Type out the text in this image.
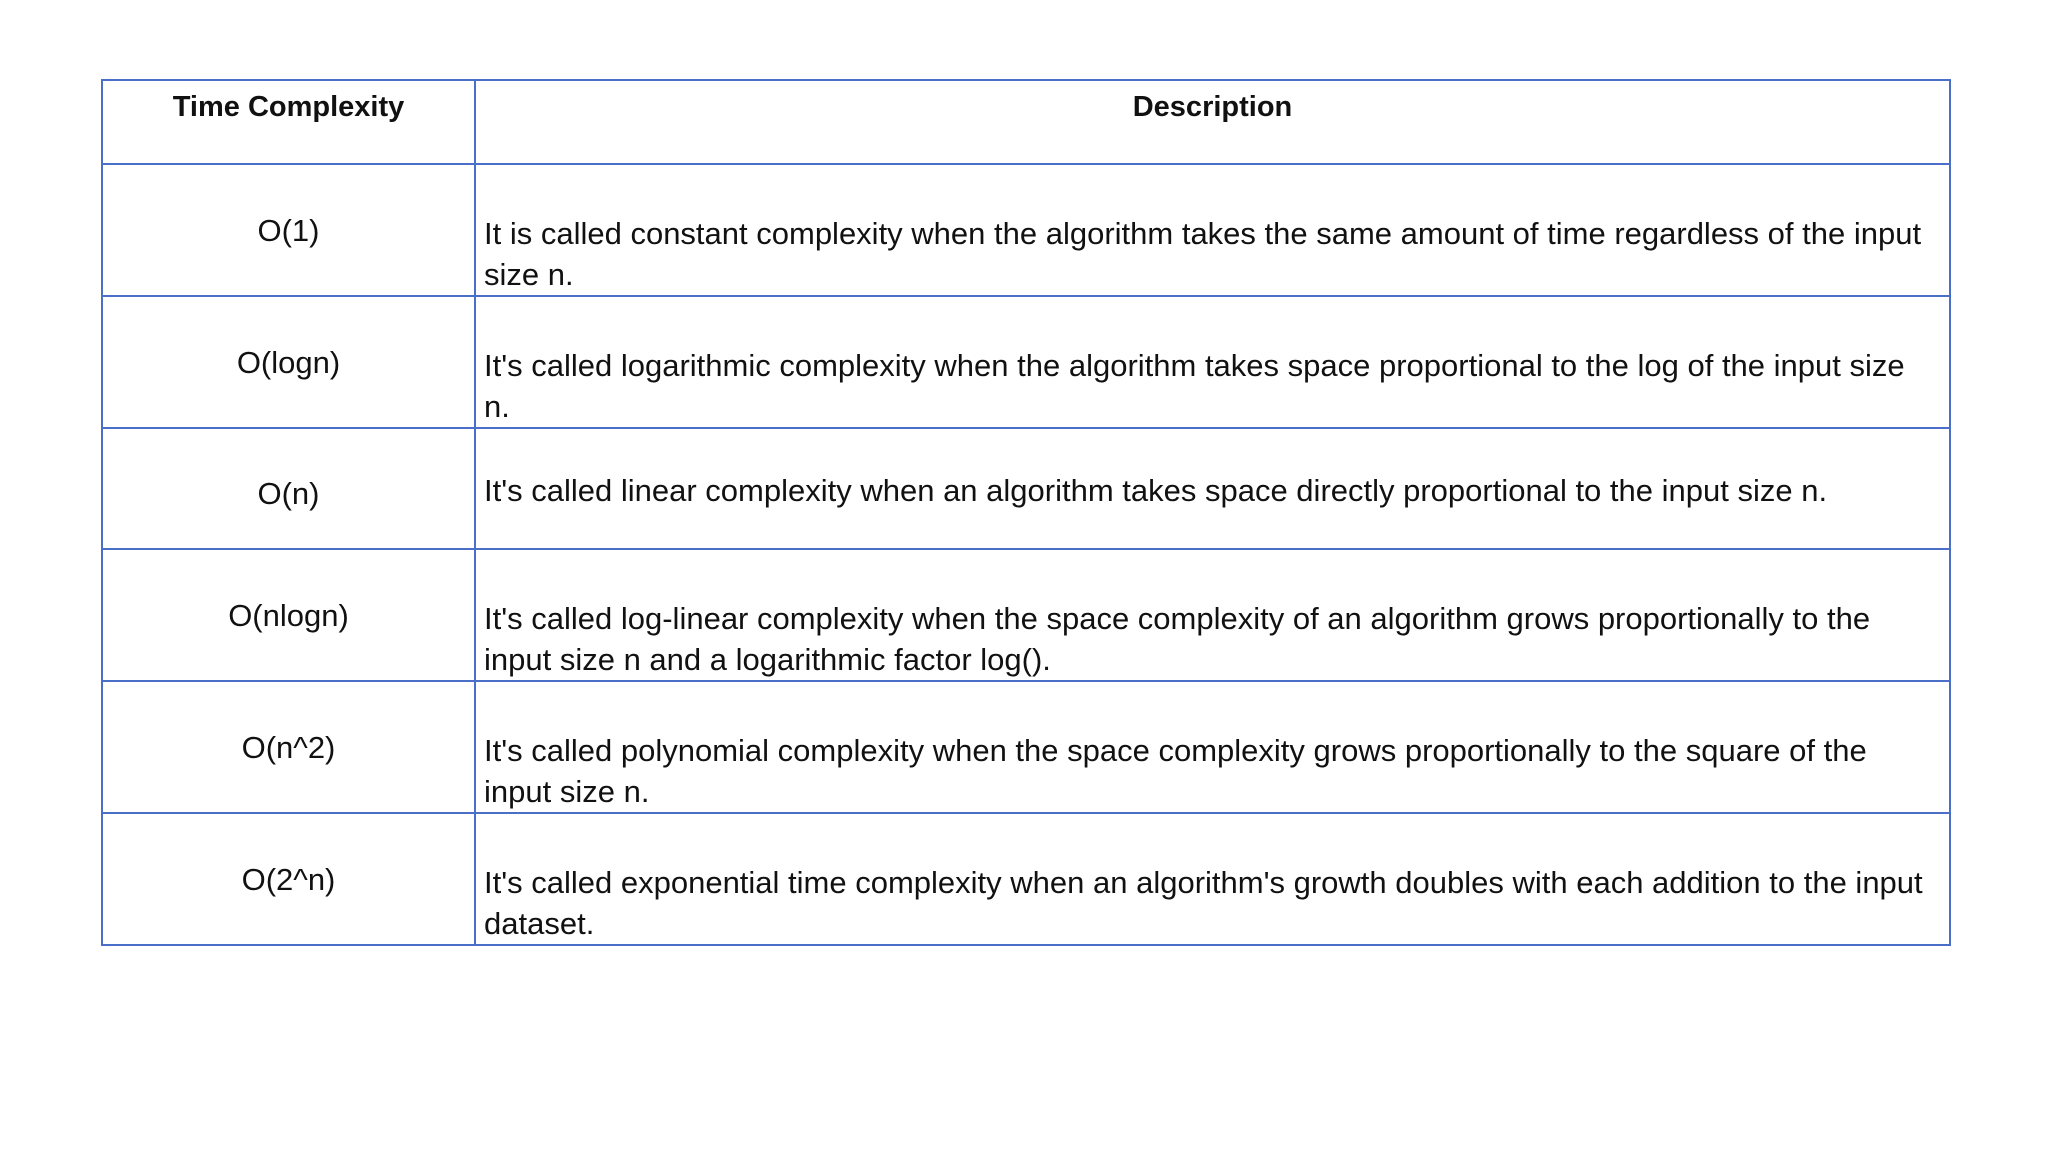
Time Complexity	Description
O(1)	It is called constant complexity when the algorithm takes the same amount of time regardless of the input size n.
O(logn)	It's called logarithmic complexity when the algorithm takes space proportional to the log of the input size n.
O(n)	It's called linear complexity when an algorithm takes space directly proportional to the input size n.
O(nlogn)	It's called log-linear complexity when the space complexity of an algorithm grows proportionally to the input size n and a logarithmic factor log().
O(n^2)	It's called polynomial complexity when the space complexity grows proportionally to the square of the input size n.
O(2^n)	It's called exponential time complexity when an algorithm's growth doubles with each addition to the input dataset.
